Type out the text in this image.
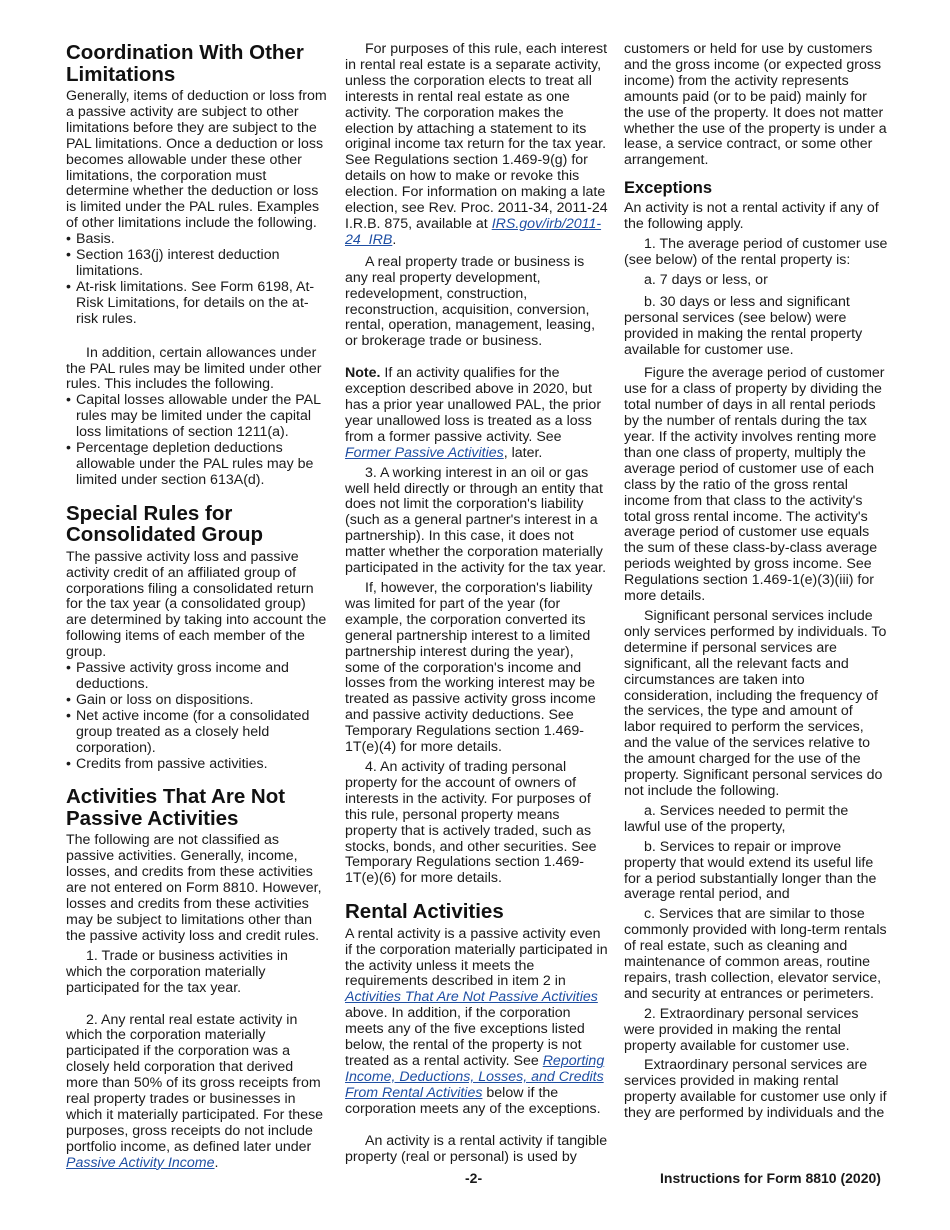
Coordination With Other Limitations

Generally, items of deduction or loss from a passive activity are subject to other limitations before they are subject to the PAL limitations. Once a deduction or loss becomes allowable under these other limitations, the corporation must determine whether the deduction or loss is limited under the PAL rules. Examples of other limitations include the following.

• Basis.

• Section 163(j) interest deduction limitations.

• At-risk limitations. See Form 6198, At-Risk Limitations, for details on the at-risk rules.

In addition, certain allowances under the PAL rules may be limited under other rules. This includes the following.

• Capital losses allowable under the PAL rules may be limited under the capital loss limitations of section 1211(a).

• Percentage depletion deductions allowable under the PAL rules may be limited under section 613A(d).

Special Rules for Consolidated Group

The passive activity loss and passive activity credit of an affiliated group of corporations filing a consolidated return for the tax year (a consolidated group) are determined by taking into account the following items of each member of the group.

• Passive activity gross income and deductions.

• Gain or loss on dispositions.

• Net active income (for a consolidated group treated as a closely held corporation).

• Credits from passive activities.

Activities That Are Not Passive Activities

The following are not classified as passive activities. Generally, income, losses, and credits from these activities are not entered on Form 8810. However, losses and credits from these activities may be subject to limitations other than the passive activity loss and credit rules.

1. Trade or business activities in which the corporation materially participated for the tax year.

2. Any rental real estate activity in which the corporation materially participated if the corporation was a closely held corporation that derived more than 50% of its gross receipts from real property trades or businesses in which it materially participated. For these purposes, gross receipts do not include portfolio income, as defined later under Passive Activity Income.

For purposes of this rule, each interest in rental real estate is a separate activity, unless the corporation elects to treat all interests in rental real estate as one activity. The corporation makes the election by attaching a statement to its original income tax return for the tax year. See Regulations section 1.469-9(g) for details on how to make or revoke this election. For information on making a late election, see Rev. Proc. 2011-34, 2011-24 I.R.B. 875, available at IRS.gov/irb/2011-24_IRB.

A real property trade or business is any real property development, redevelopment, construction, reconstruction, acquisition, conversion, rental, operation, management, leasing, or brokerage trade or business.

Note. If an activity qualifies for the exception described above in 2020, but has a prior year unallowed PAL, the prior year unallowed loss is treated as a loss from a former passive activity. See Former Passive Activities, later.

3. A working interest in an oil or gas well held directly or through an entity that does not limit the corporation's liability (such as a general partner's interest in a partnership). In this case, it does not matter whether the corporation materially participated in the activity for the tax year.

If, however, the corporation's liability was limited for part of the year (for example, the corporation converted its general partnership interest to a limited partnership interest during the year), some of the corporation's income and losses from the working interest may be treated as passive activity gross income and passive activity deductions. See Temporary Regulations section 1.469-1T(e)(4) for more details.

4. An activity of trading personal property for the account of owners of interests in the activity. For purposes of this rule, personal property means property that is actively traded, such as stocks, bonds, and other securities. See Temporary Regulations section 1.469-1T(e)(6) for more details.

Rental Activities

A rental activity is a passive activity even if the corporation materially participated in the activity unless it meets the requirements described in item 2 in Activities That Are Not Passive Activities above. In addition, if the corporation meets any of the five exceptions listed below, the rental of the property is not treated as a rental activity. See Reporting Income, Deductions, Losses, and Credits From Rental Activities below if the corporation meets any of the exceptions.

An activity is a rental activity if tangible property (real or personal) is used by

customers or held for use by customers and the gross income (or expected gross income) from the activity represents amounts paid (or to be paid) mainly for the use of the property. It does not matter whether the use of the property is under a lease, a service contract, or some other arrangement.

Exceptions

An activity is not a rental activity if any of the following apply.

1. The average period of customer use (see below) of the rental property is:

a. 7 days or less, or

b. 30 days or less and significant personal services (see below) were provided in making the rental property available for customer use.

Figure the average period of customer use for a class of property by dividing the total number of days in all rental periods by the number of rentals during the tax year. If the activity involves renting more than one class of property, multiply the average period of customer use of each class by the ratio of the gross rental income from that class to the activity's total gross rental income. The activity's average period of customer use equals the sum of these class-by-class average periods weighted by gross income. See Regulations section 1.469-1(e)(3)(iii) for more details.

Significant personal services include only services performed by individuals. To determine if personal services are significant, all the relevant facts and circumstances are taken into consideration, including the frequency of the services, the type and amount of labor required to perform the services, and the value of the services relative to the amount charged for the use of the property. Significant personal services do not include the following.

a. Services needed to permit the lawful use of the property,

b. Services to repair or improve property that would extend its useful life for a period substantially longer than the average rental period, and

c. Services that are similar to those commonly provided with long-term rentals of real estate, such as cleaning and maintenance of common areas, routine repairs, trash collection, elevator service, and security at entrances or perimeters.

2. Extraordinary personal services were provided in making the rental property available for customer use.

Extraordinary personal services are services provided in making rental property available for customer use only if they are performed by individuals and the

-2-	Instructions for Form 8810 (2020)
